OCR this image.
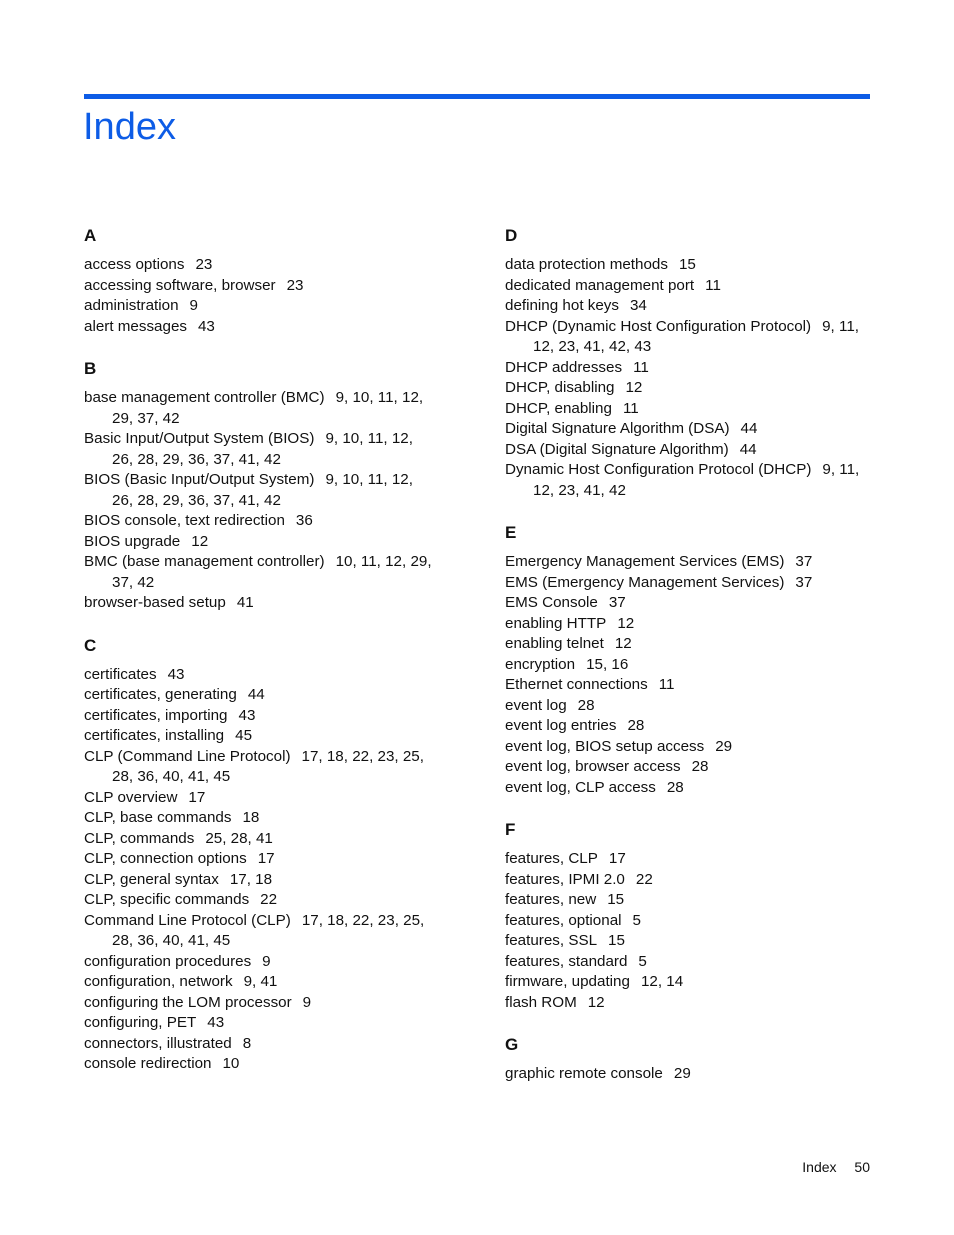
Index
A
access options 23
accessing software, browser 23
administration 9
alert messages 43
B
base management controller (BMC) 9, 10, 11, 12,
29, 37, 42
Basic Input/Output System (BIOS) 9, 10, 11, 12,
26, 28, 29, 36, 37, 41, 42
BIOS (Basic Input/Output System) 9, 10, 11, 12,
26, 28, 29, 36, 37, 41, 42
BIOS console, text redirection 36
BIOS upgrade 12
BMC (base management controller) 10, 11, 12, 29,
37, 42
browser-based setup 41
C
certificates 43
certificates, generating 44
certificates, importing 43
certificates, installing 45
CLP (Command Line Protocol) 17, 18, 22, 23, 25,
28, 36, 40, 41, 45
CLP overview 17
CLP, base commands 18
CLP, commands 25, 28, 41
CLP, connection options 17
CLP, general syntax 17, 18
CLP, specific commands 22
Command Line Protocol (CLP) 17, 18, 22, 23, 25,
28, 36, 40, 41, 45
configuration procedures 9
configuration, network 9, 41
configuring the LOM processor 9
configuring, PET 43
connectors, illustrated 8
console redirection 10
D
data protection methods 15
dedicated management port 11
defining hot keys 34
DHCP (Dynamic Host Configuration Protocol) 9, 11,
12, 23, 41, 42, 43
DHCP addresses 11
DHCP, disabling 12
DHCP, enabling 11
Digital Signature Algorithm (DSA) 44
DSA (Digital Signature Algorithm) 44
Dynamic Host Configuration Protocol (DHCP) 9, 11,
12, 23, 41, 42
E
Emergency Management Services (EMS) 37
EMS (Emergency Management Services) 37
EMS Console 37
enabling HTTP 12
enabling telnet 12
encryption 15, 16
Ethernet connections 11
event log 28
event log entries 28
event log, BIOS setup access 29
event log, browser access 28
event log, CLP access 28
F
features, CLP 17
features, IPMI 2.0 22
features, new 15
features, optional 5
features, SSL 15
features, standard 5
firmware, updating 12, 14
flash ROM 12
G
graphic remote console 29
Index 50
